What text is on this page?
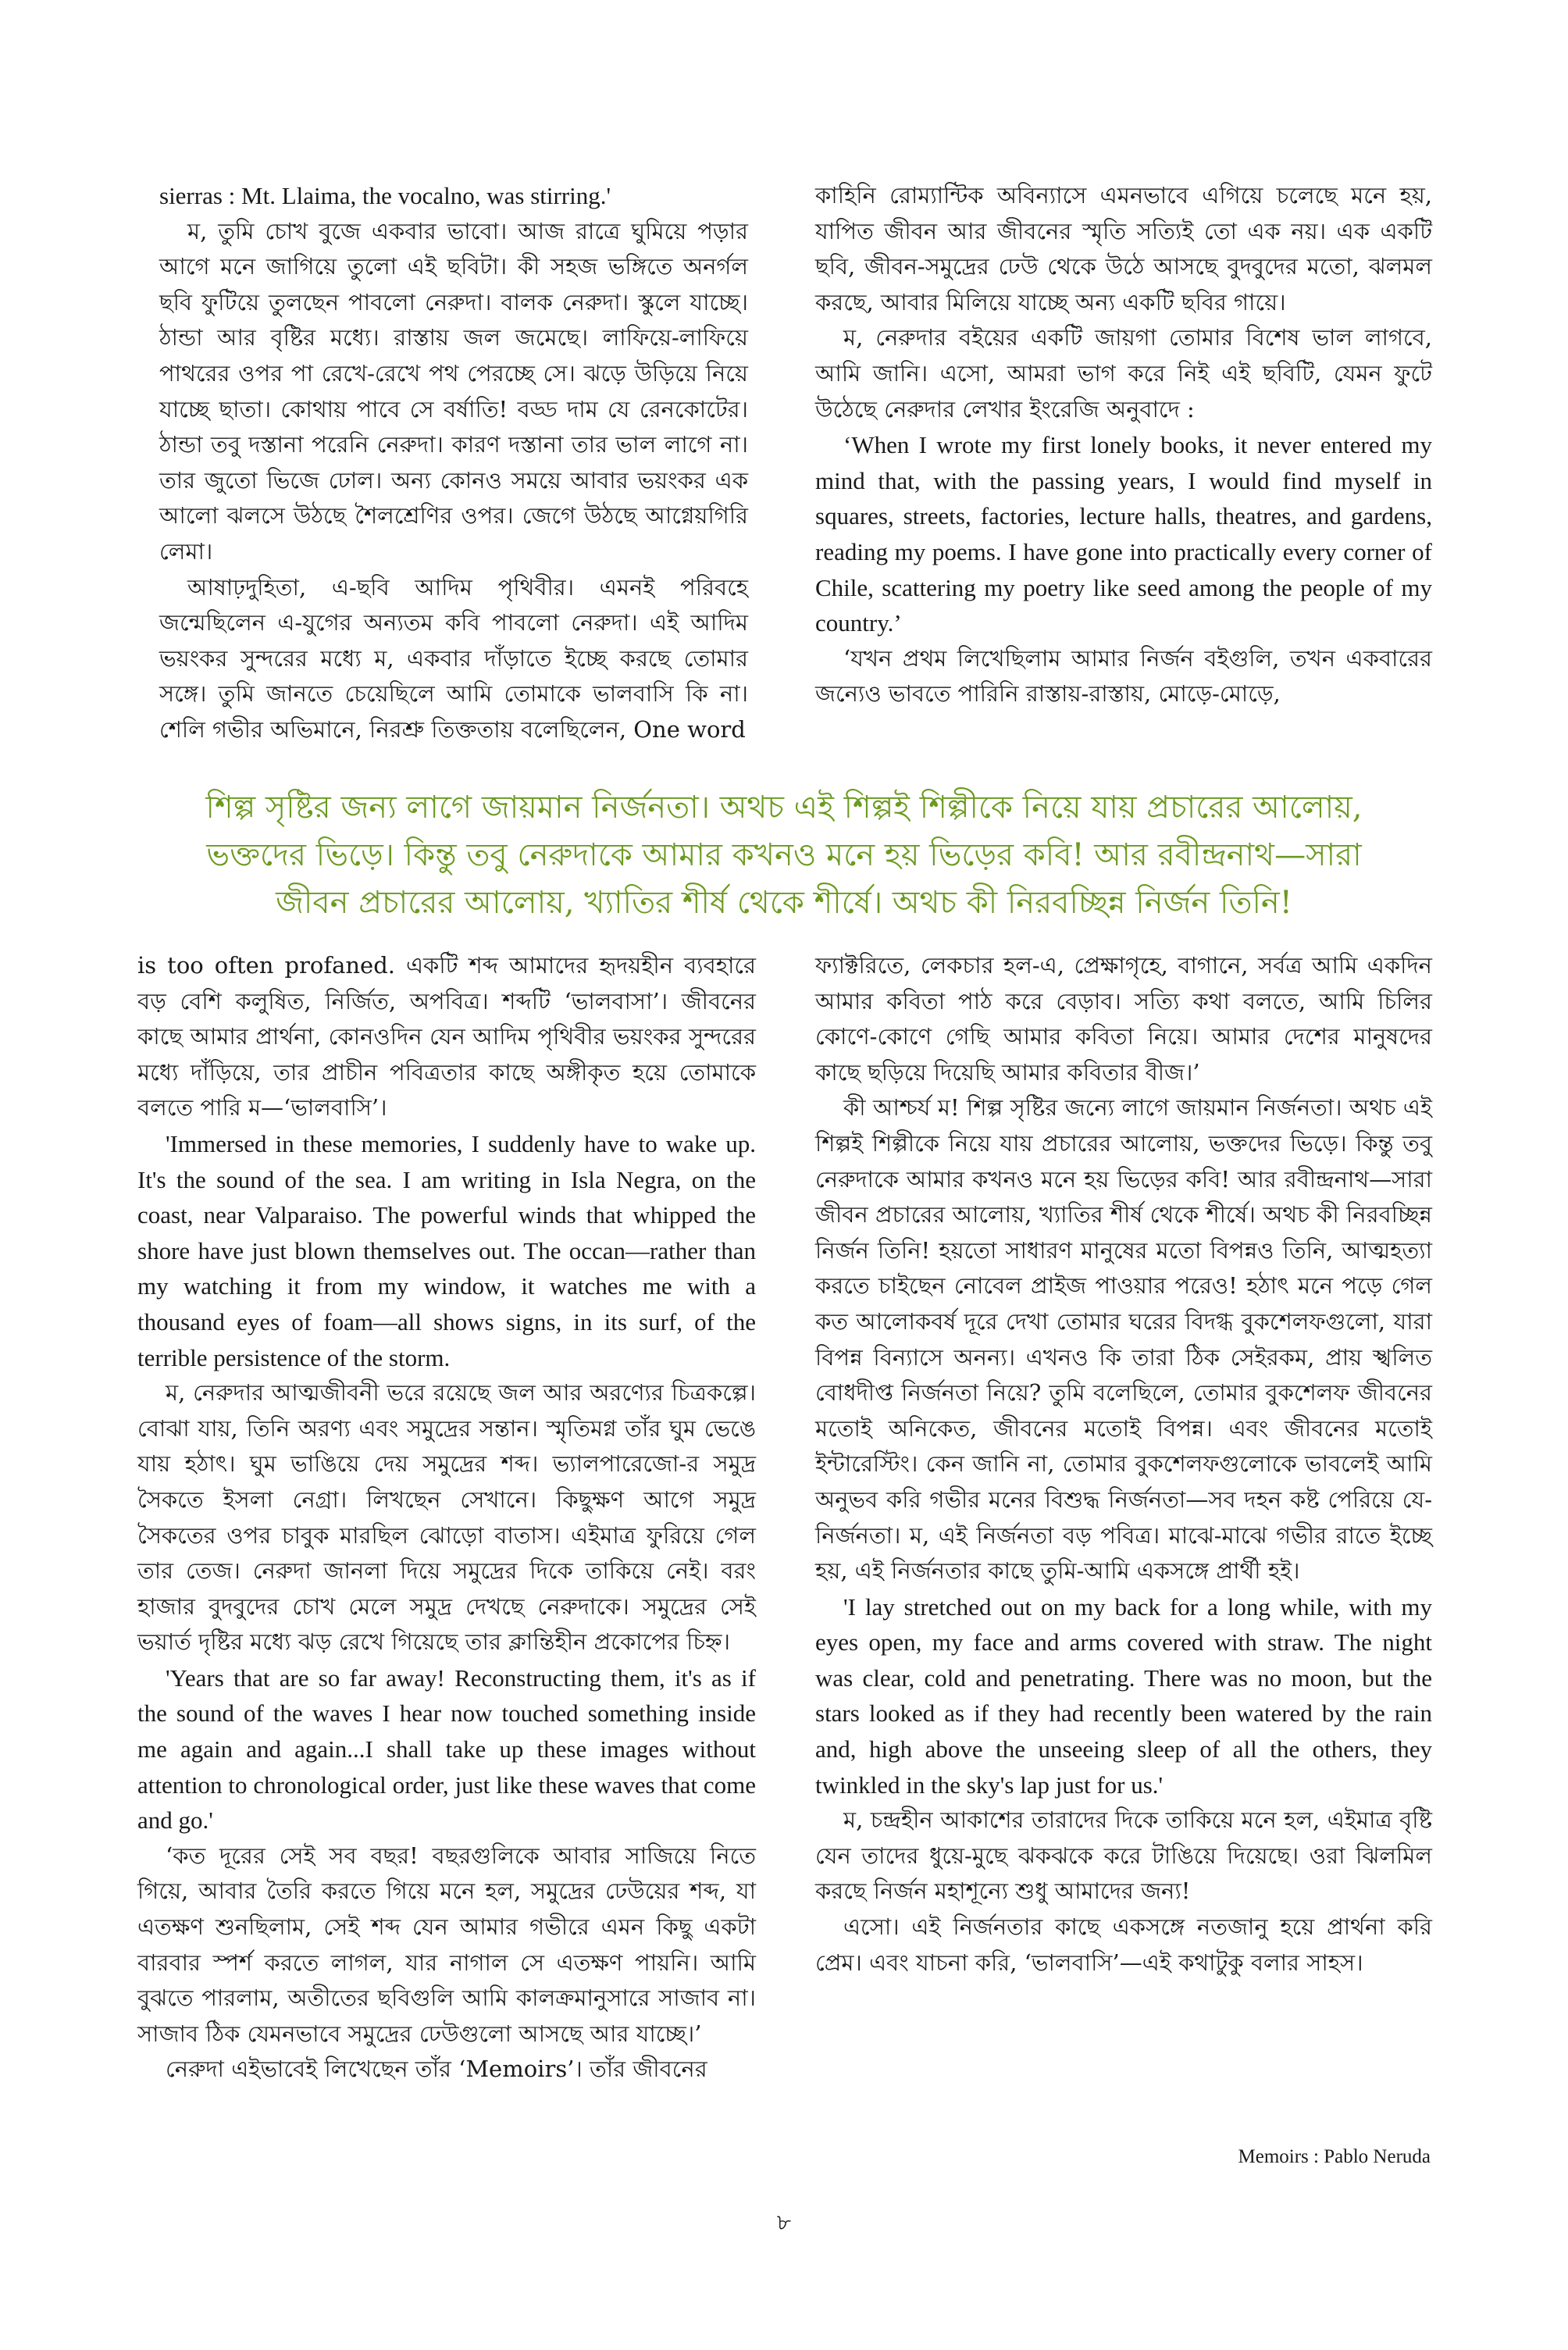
sierras : Mt. Llaima, the vocalno, was stirring.'

ম, তুমি চোখ বুজে একবার ভাবো। আজ রাত্রে ঘুমিয়ে পড়ার আগে মনে জাগিয়ে তুলো এই ছবিটা। কী সহজ ভঙ্গিতে অনর্গল ছবি ফুটিয়ে তুলছেন পাবলো নেরুদা। বালক নেরুদা। স্কুলে যাচ্ছে। ঠান্ডা আর বৃষ্টির মধ্যে। রাস্তায় জল জমেছে। লাফিয়ে-লাফিয়ে পাথরের ওপর পা রেখে-রেখে পথ পেরচ্ছে সে। ঝড়ে উড়িয়ে নিয়ে যাচ্ছে ছাতা। কোথায় পাবে সে বর্ষাতি! বড্ড দাম যে রেনকোটের। ঠান্ডা তবু দস্তানা পরেনি নেরুদা। কারণ দস্তানা তার ভাল লাগে না। তার জুতো ভিজে ঢোল। অন্য কোনও সময়ে আবার ভয়ংকর এক আলো ঝলসে উঠছে শৈলশ্রেণির ওপর। জেগে উঠছে আগ্নেয়গিরি লেমা।

আষাঢ়দুহিতা, এ-ছবি আদিম পৃথিবীর। এমনই পরিবহে জন্মেছিলেন এ-যুগের অন্যতম কবি পাবলো নেরুদা। এই আদিম ভয়ংকর সুন্দরের মধ্যে ম, একবার দাঁড়াতে ইচ্ছে করছে তোমার সঙ্গে। তুমি জানতে চেয়েছিলে আমি তোমাকে ভালবাসি কি না। শেলি গভীর অভিমানে, নিরশ্রু তিক্ততায় বলেছিলেন, One word

কাহিনি রোম্যান্টিক অবিন্যাসে এমনভাবে এগিয়ে চলেছে মনে হয়, যাপিত জীবন আর জীবনের স্মৃতি সত্যিই তো এক নয়। এক একটি ছবি, জীবন-সমুদ্রের ঢেউ থেকে উঠে আসছে বুদবুদের মতো, ঝলমল করছে, আবার মিলিয়ে যাচ্ছে অন্য একটি ছবির গায়ে।

ম, নেরুদার বইয়ের একটি জায়গা তোমার বিশেষ ভাল লাগবে, আমি জানি। এসো, আমরা ভাগ করে নিই এই ছবিটি, যেমন ফুটে উঠেছে নেরুদার লেখার ইংরেজি অনুবাদে :

‘When I wrote my first lonely books, it never entered my mind that, with the passing years, I would find myself in squares, streets, factories, lecture halls, theatres, and gardens, reading my poems. I have gone into practically every corner of Chile, scattering my poetry like seed among the people of my country.’

‘যখন প্রথম লিখেছিলাম আমার নির্জন বইগুলি, তখন একবারের জন্যেও ভাবতে পারিনি রাস্তায়-রাস্তায়, মোড়ে-মোড়ে,

শিল্প সৃষ্টির জন্য লাগে জায়মান নির্জনতা। অথচ এই শিল্পই শিল্পীকে নিয়ে যায় প্রচারের আলোয়,
ভক্তদের ভিড়ে। কিন্তু তবু নেরুদাকে আমার কখনও মনে হয় ভিড়ের কবি! আর রবীন্দ্রনাথ—সারা
জীবন প্রচারের আলোয়, খ্যাতির শীর্ষ থেকে শীর্ষে। অথচ কী নিরবচ্ছিন্ন নির্জন তিনি!

is too often profaned. একটি শব্দ আমাদের হৃদয়হীন ব্যবহারে বড় বেশি কলুষিত, নির্জিত, অপবিত্র। শব্দটি ‘ভালবাসা’। জীবনের কাছে আমার প্রার্থনা, কোনওদিন যেন আদিম পৃথিবীর ভয়ংকর সুন্দরের মধ্যে দাঁড়িয়ে, তার প্রাচীন পবিত্রতার কাছে অঙ্গীকৃত হয়ে তোমাকে বলতে পারি ম—‘ভালবাসি’।

'Immersed in these memories, I suddenly have to wake up. It's the sound of the sea. I am writing in Isla Negra, on the coast, near Valparaiso. The powerful winds that whipped the shore have just blown themselves out. The occan—rather than my watching it from my window, it watches me with a thousand eyes of foam—all shows signs, in its surf, of the terrible persistence of the storm.

ম, নেরুদার আত্মজীবনী ভরে রয়েছে জল আর অরণ্যের চিত্রকল্পে। বোঝা যায়, তিনি অরণ্য এবং সমুদ্রের সন্তান। স্মৃতিমগ্ন তাঁর ঘুম ভেঙে যায় হঠাৎ। ঘুম ভাঙিয়ে দেয় সমুদ্রের শব্দ। ভ্যালপারেজো-র সমুদ্র সৈকতে ইসলা নেগ্রা। লিখছেন সেখানে। কিছুক্ষণ আগে সমুদ্র সৈকতের ওপর চাবুক মারছিল ঝোড়ো বাতাস। এইমাত্র ফুরিয়ে গেল তার তেজ। নেরুদা জানলা দিয়ে সমুদ্রের দিকে তাকিয়ে নেই। বরং হাজার বুদবুদের চোখ মেলে সমুদ্র দেখছে নেরুদাকে। সমুদ্রের সেই ভয়ার্ত দৃষ্টির মধ্যে ঝড় রেখে গিয়েছে তার ক্লান্তিহীন প্রকোপের চিহ্ন।

'Years that are so far away! Reconstructing them, it's as if the sound of the waves I hear now touched something inside me again and again...I shall take up these images without attention to chronological order, just like these waves that come and go.'

‘কত দূরের সেই সব বছর! বছরগুলিকে আবার সাজিয়ে নিতে গিয়ে, আবার তৈরি করতে গিয়ে মনে হল, সমুদ্রের ঢেউয়ের শব্দ, যা এতক্ষণ শুনছিলাম, সেই শব্দ যেন আমার গভীরে এমন কিছু একটা বারবার স্পর্শ করতে লাগল, যার নাগাল সে এতক্ষণ পায়নি। আমি বুঝতে পারলাম, অতীতের ছবিগুলি আমি কালক্রমানুসারে সাজাব না। সাজাব ঠিক যেমনভাবে সমুদ্রের ঢেউগুলো আসছে আর যাচ্ছে।’

নেরুদা এইভাবেই লিখেছেন তাঁর ‘Memoirs’। তাঁর জীবনের

ফ্যাক্টরিতে, লেকচার হল-এ, প্রেক্ষাগৃহে, বাগানে, সর্বত্র আমি একদিন আমার কবিতা পাঠ করে বেড়াব। সত্যি কথা বলতে, আমি চিলির কোণে-কোণে গেছি আমার কবিতা নিয়ে। আমার দেশের মানুষদের কাছে ছড়িয়ে দিয়েছি আমার কবিতার বীজ।’

কী আশ্চর্য ম! শিল্প সৃষ্টির জন্যে লাগে জায়মান নির্জনতা। অথচ এই শিল্পই শিল্পীকে নিয়ে যায় প্রচারের আলোয়, ভক্তদের ভিড়ে। কিন্তু তবু নেরুদাকে আমার কখনও মনে হয় ভিড়ের কবি! আর রবীন্দ্রনাথ—সারা জীবন প্রচারের আলোয়, খ্যাতির শীর্ষ থেকে শীর্ষে। অথচ কী নিরবচ্ছিন্ন নির্জন তিনি! হয়তো সাধারণ মানুষের মতো বিপন্নও তিনি, আত্মহত্যা করতে চাইছেন নোবেল প্রাইজ পাওয়ার পরেও! হঠাৎ মনে পড়ে গেল কত আলোকবর্ষ দূরে দেখা তোমার ঘরের বিদগ্ধ বুকশেলফগুলো, যারা বিপন্ন বিন্যাসে অনন্য। এখনও কি তারা ঠিক সেইরকম, প্রায় স্খলিত বোধদীপ্ত নির্জনতা নিয়ে? তুমি বলেছিলে, তোমার বুকশেলফ জীবনের মতোই অনিকেত, জীবনের মতোই বিপন্ন। এবং জীবনের মতোই ইন্টারেস্টিং। কেন জানি না, তোমার বুকশেলফগুলোকে ভাবলেই আমি অনুভব করি গভীর মনের বিশুদ্ধ নির্জনতা—সব দহন কষ্ট পেরিয়ে যে-নির্জনতা। ম, এই নির্জনতা বড় পবিত্র। মাঝে-মাঝে গভীর রাতে ইচ্ছে হয়, এই নির্জনতার কাছে তুমি-আমি একসঙ্গে প্রার্থী হই।

'I lay stretched out on my back for a long while, with my eyes open, my face and arms covered with straw. The night was clear, cold and penetrating. There was no moon, but the stars looked as if they had recently been watered by the rain and, high above the unseeing sleep of all the others, they twinkled in the sky's lap just for us.'

ম, চন্দ্রহীন আকাশের তারাদের দিকে তাকিয়ে মনে হল, এইমাত্র বৃষ্টি যেন তাদের ধুয়ে-মুছে ঝকঝকে করে টাঙিয়ে দিয়েছে। ওরা ঝিলমিল করছে নির্জন মহাশূন্যে শুধু আমাদের জন্য!

এসো। এই নির্জনতার কাছে একসঙ্গে নতজানু হয়ে প্রার্থনা করি প্রেম। এবং যাচনা করি, ‘ভালবাসি’—এই কথাটুকু বলার সাহস।

Memoirs : Pablo Neruda
৮
